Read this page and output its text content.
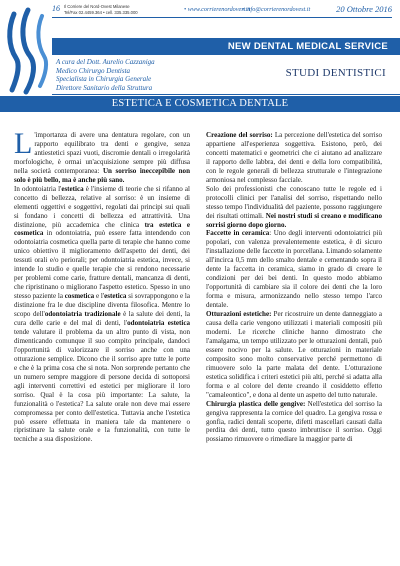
16 Il Corriere del Nord-Ovest Milanese
Tel/Fax 02.4459.364 • cell. 335.335.000	• www.corrierenordovest.it
• info@corrierenordovest.it	20 Ottobre 2016
NEW DENTAL MEDICAL SERVICE
A cura del Dott. Aurelio Cazzaniga
Medico Chirurgo Dentista
Specialista in Chirurgia Generale
Direttore Sanitario della Struttura
STUDI DENTISTICI
ESTETICA E COSMETICA DENTALE

L 'importanza di avere una dentatura regolare, con un rapporto equilibrato tra denti e gengive, senza antiestetici spazi vuoti, discromie dentali o irregolarità morfologiche, è ormai un'acquisizione sempre più diffusa nella società contemporanea: Un sorriso ineccepibile non solo è più bello, ma è anche più sano.

In odontoiatria l'estetica è l'insieme di teorie che si rifanno al concetto di bellezza, relative al sorriso: è un insieme di elementi oggettivi e soggettivi, regolati dai principi sui quali si fondano i concetti di bellezza ed attrattività. Una distinzione, più accademica che clinica tra estetica e cosmetica in odontoiatria, può essere fatta intendendo con odontoiatria cosmetica quella parte di terapie che hanno come unico obiettivo il miglioramento dell'aspetto dei denti, dei tessuti orali e/o periorali; per odontoiatria estetica, invece, si intende lo studio e quelle terapie che si rendono necessarie per problemi come carie, fratture dentali, mancanza di denti, che ripristinano o migliorano l'aspetto estetico. Spesso in uno stesso paziente la cosmetica e l'estetica si sovrappongono e la distinzione fra le due discipline diventa filosofica. Mentre lo scopo dell'odontoiatria tradizionale è la salute dei denti, la cura delle carie e del mal di denti, l'odontoiatria estetica tende valutare il problema da un altro punto di vista, non dimenticando comunque il suo compito principale, dandoci l'opportunità di valorizzare il sorriso anche con una otturazione semplice. Dicono che il sorriso apre tutte le porte e che è la prima cosa che si nota. Non sorprende pertanto che un numero sempre maggiore di persone decida di sottoporsi agli interventi correttivi ed estetici per migliorare il loro sorriso. Qual è la cosa più importante: La salute, la funzionalità o l'estetica? La salute orale non deve mai essere compromessa per conto dell'estetica. Tuttavia anche l'estetica può essere effettuata in maniera tale da mantenere o ripristinare la salute orale e la funzionalità, con tutte le tecniche a sua disposizione.

Creazione del sorriso: La percezione dell'estetica del sorriso appartiene all'esperienza soggettiva. Esistono, però, dei concetti matematici e geometrici che ci aiutano ad analizzare il rapporto delle labbra, dei denti e della loro compatibilità, con le regole generali di bellezza strutturale e l'integrazione armoniosa nel complesso facciale.

Solo dei professionisti che conoscano tutte le regole ed i protocolli clinici per l'analisi del sorriso, rispettando nello stesso tempo l'individualità del paziente, possono raggiungere dei risultati ottimali. Nei nostri studi si creano e modificano sorrisi giorno dopo giorno.

Faccette in ceramica: Uno degli interventi odontoiatrici più popolari, con valenza prevalentemente estetica, è di sicuro l'installazione delle faccette in porcellana. Limando solamente all'incirca 0,5 mm dello smalto dentale e cementando sopra il dente la faccetta in ceramica, siamo in grado di creare le condizioni per dei bei denti. In questo modo abbiamo l'opportunità di cambiare sia il colore dei denti che la loro forma e misura, armonizzando nello stesso tempo l'arco dentale.

Otturazioni estetiche: Per ricostruire un dente danneggiato a causa della carie vengono utilizzati i materiali compositi più moderni. Le ricerche cliniche hanno dimostrato che l'amalgama, un tempo utilizzato per le otturazioni dentali, può essere nocivo per la salute. Le otturazioni in materiale composito sono molto conservative perché permettono di rimuovere solo la parte malata del dente. L'otturazione estetica solidifica i criteri estetici più alti, perché si adatta alla forma e al colore del dente creando il cosiddetto effetto "camaleontico", e dona al dente un aspetto del tutto naturale.

Chirurgia plastica delle gengive: Nell'estetica del sorriso la gengiva rappresenta la cornice del quadro. La gengiva rossa e gonfia, radici dentali scoperte, difetti mascellari causati dalla perdita dei denti, tutto questo imbruttisce il sorriso. Oggi possiamo rimuovere o rimediare la maggior parte di
